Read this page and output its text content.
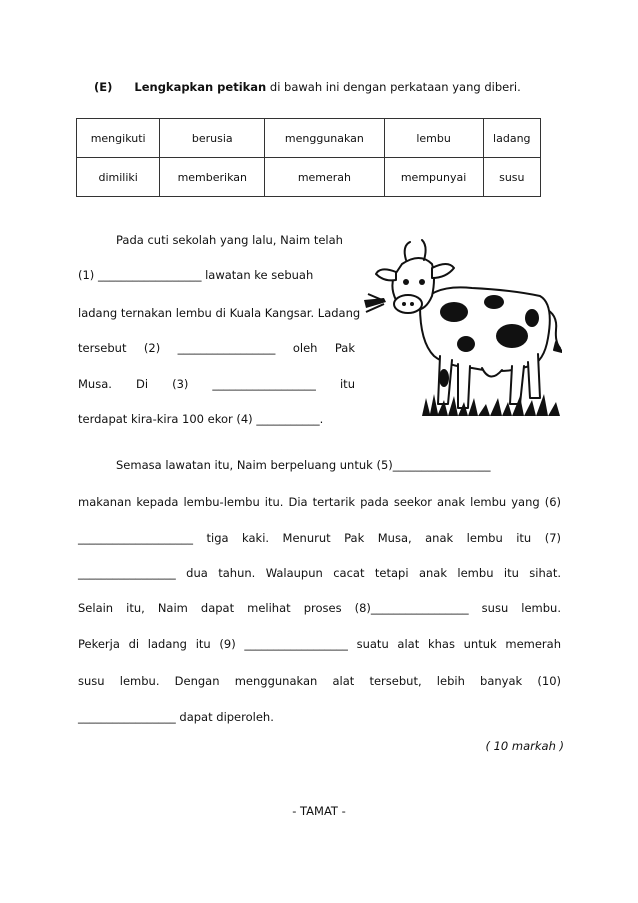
(E) Lengkapkan petikan di bawah ini dengan perkataan yang diberi.
mengikuti	berusia	menggunakan	lembu	ladang
dimiliki	memberikan	memerah	mempunyai	susu
Pada cuti sekolah yang lalu, Naim telah
(1) __________________ lawatan ke sebuah
ladang ternakan lembu di Kuala Kangsar. Ladang
tersebut (2) _________________ oleh Pak
Musa. Di (3) __________________ itu
terdapat kira-kira 100 ekor (4) ___________.
Semasa lawatan itu, Naim berpeluang untuk (5)_________________
makanan kepada lembu-lembu itu. Dia tertarik pada seekor anak lembu yang (6)
____________________ tiga kaki. Menurut Pak Musa, anak lembu itu (7)
_________________ dua tahun. Walaupun cacat tetapi anak lembu itu sihat.
Selain itu, Naim dapat melihat proses (8)_________________ susu lembu.
Pekerja di ladang itu (9) __________________ suatu alat khas untuk memerah
susu lembu. Dengan menggunakan alat tersebut, lebih banyak (10)
_________________ dapat diperoleh.
( 10 markah )
- TAMAT -
